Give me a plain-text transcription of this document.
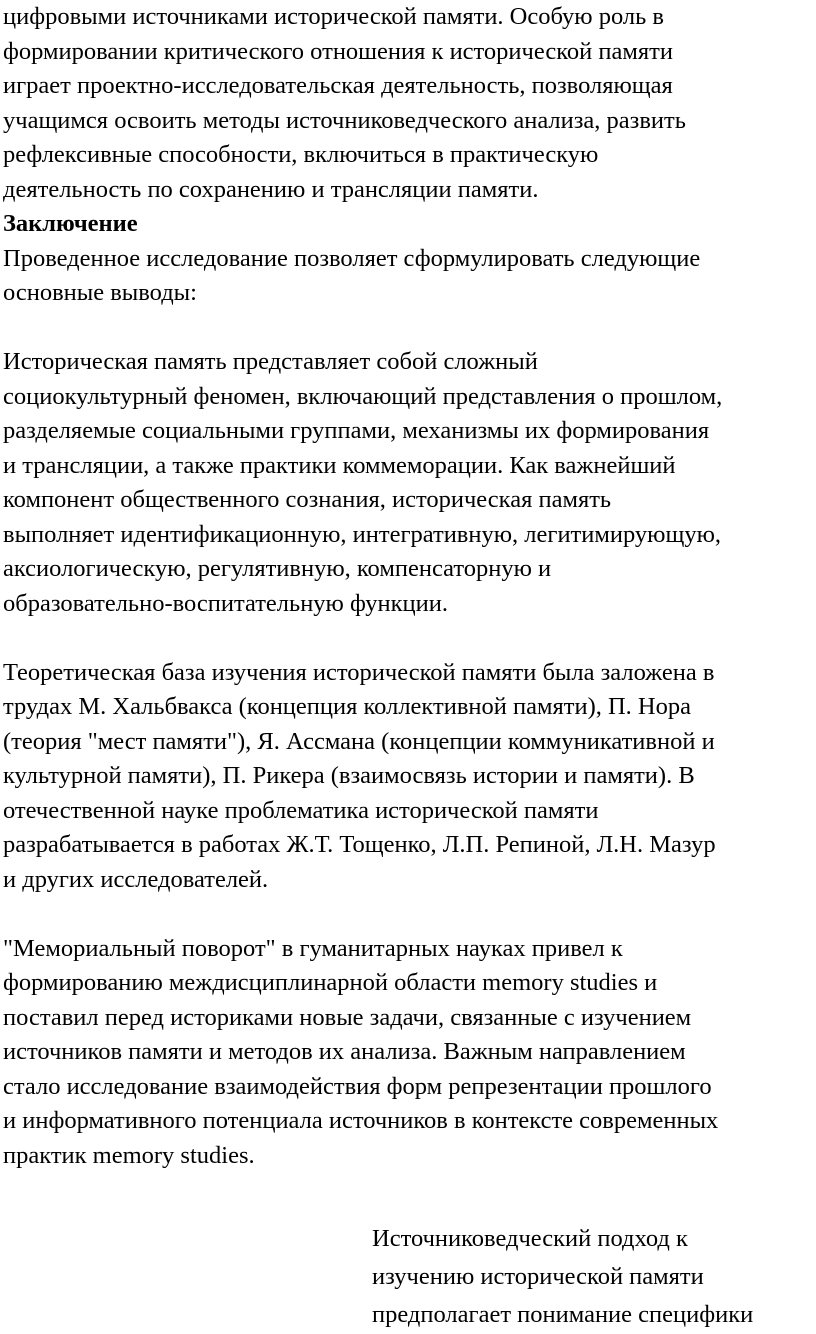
цифровыми источниками исторической памяти. Особую роль в
формировании критического отношения к исторической памяти
играет проектно-исследовательская деятельность, позволяющая
учащимся освоить методы источниковедческого анализа, развить
рефлексивные способности, включиться в практическую
деятельность по сохранению и трансляции памяти.
Заключение
Проведенное исследование позволяет сформулировать следующие
основные выводы:
Историческая память представляет собой сложный
социокультурный феномен, включающий представления о прошлом,
разделяемые социальными группами, механизмы их формирования
и трансляции, а также практики коммеморации. Как важнейший
компонент общественного сознания, историческая память
выполняет идентификационную, интегративную, легитимирующую,
аксиологическую, регулятивную, компенсаторную и
образовательно-воспитательную функции.
Теоретическая база изучения исторической памяти была заложена в
трудах М. Хальбвакса (концепция коллективной памяти), П. Нора
(теория "мест памяти"), Я. Ассмана (концепции коммуникативной и
культурной памяти), П. Рикера (взаимосвязь истории и памяти). В
отечественной науке проблематика исторической памяти
разрабатывается в работах Ж.Т. Тощенко, Л.П. Репиной, Л.Н. Мазур
и других исследователей.
"Мемориальный поворот" в гуманитарных науках привел к
формированию междисциплинарной области memory studies и
поставил перед историками новые задачи, связанные с изучением
источников памяти и методов их анализа. Важным направлением
стало исследование взаимодействия форм репрезентации прошлого
и информативного потенциала источников в контексте современных
практик memory studies.
Источниковедческий подход к
изучению исторической памяти
предполагает понимание специфики
